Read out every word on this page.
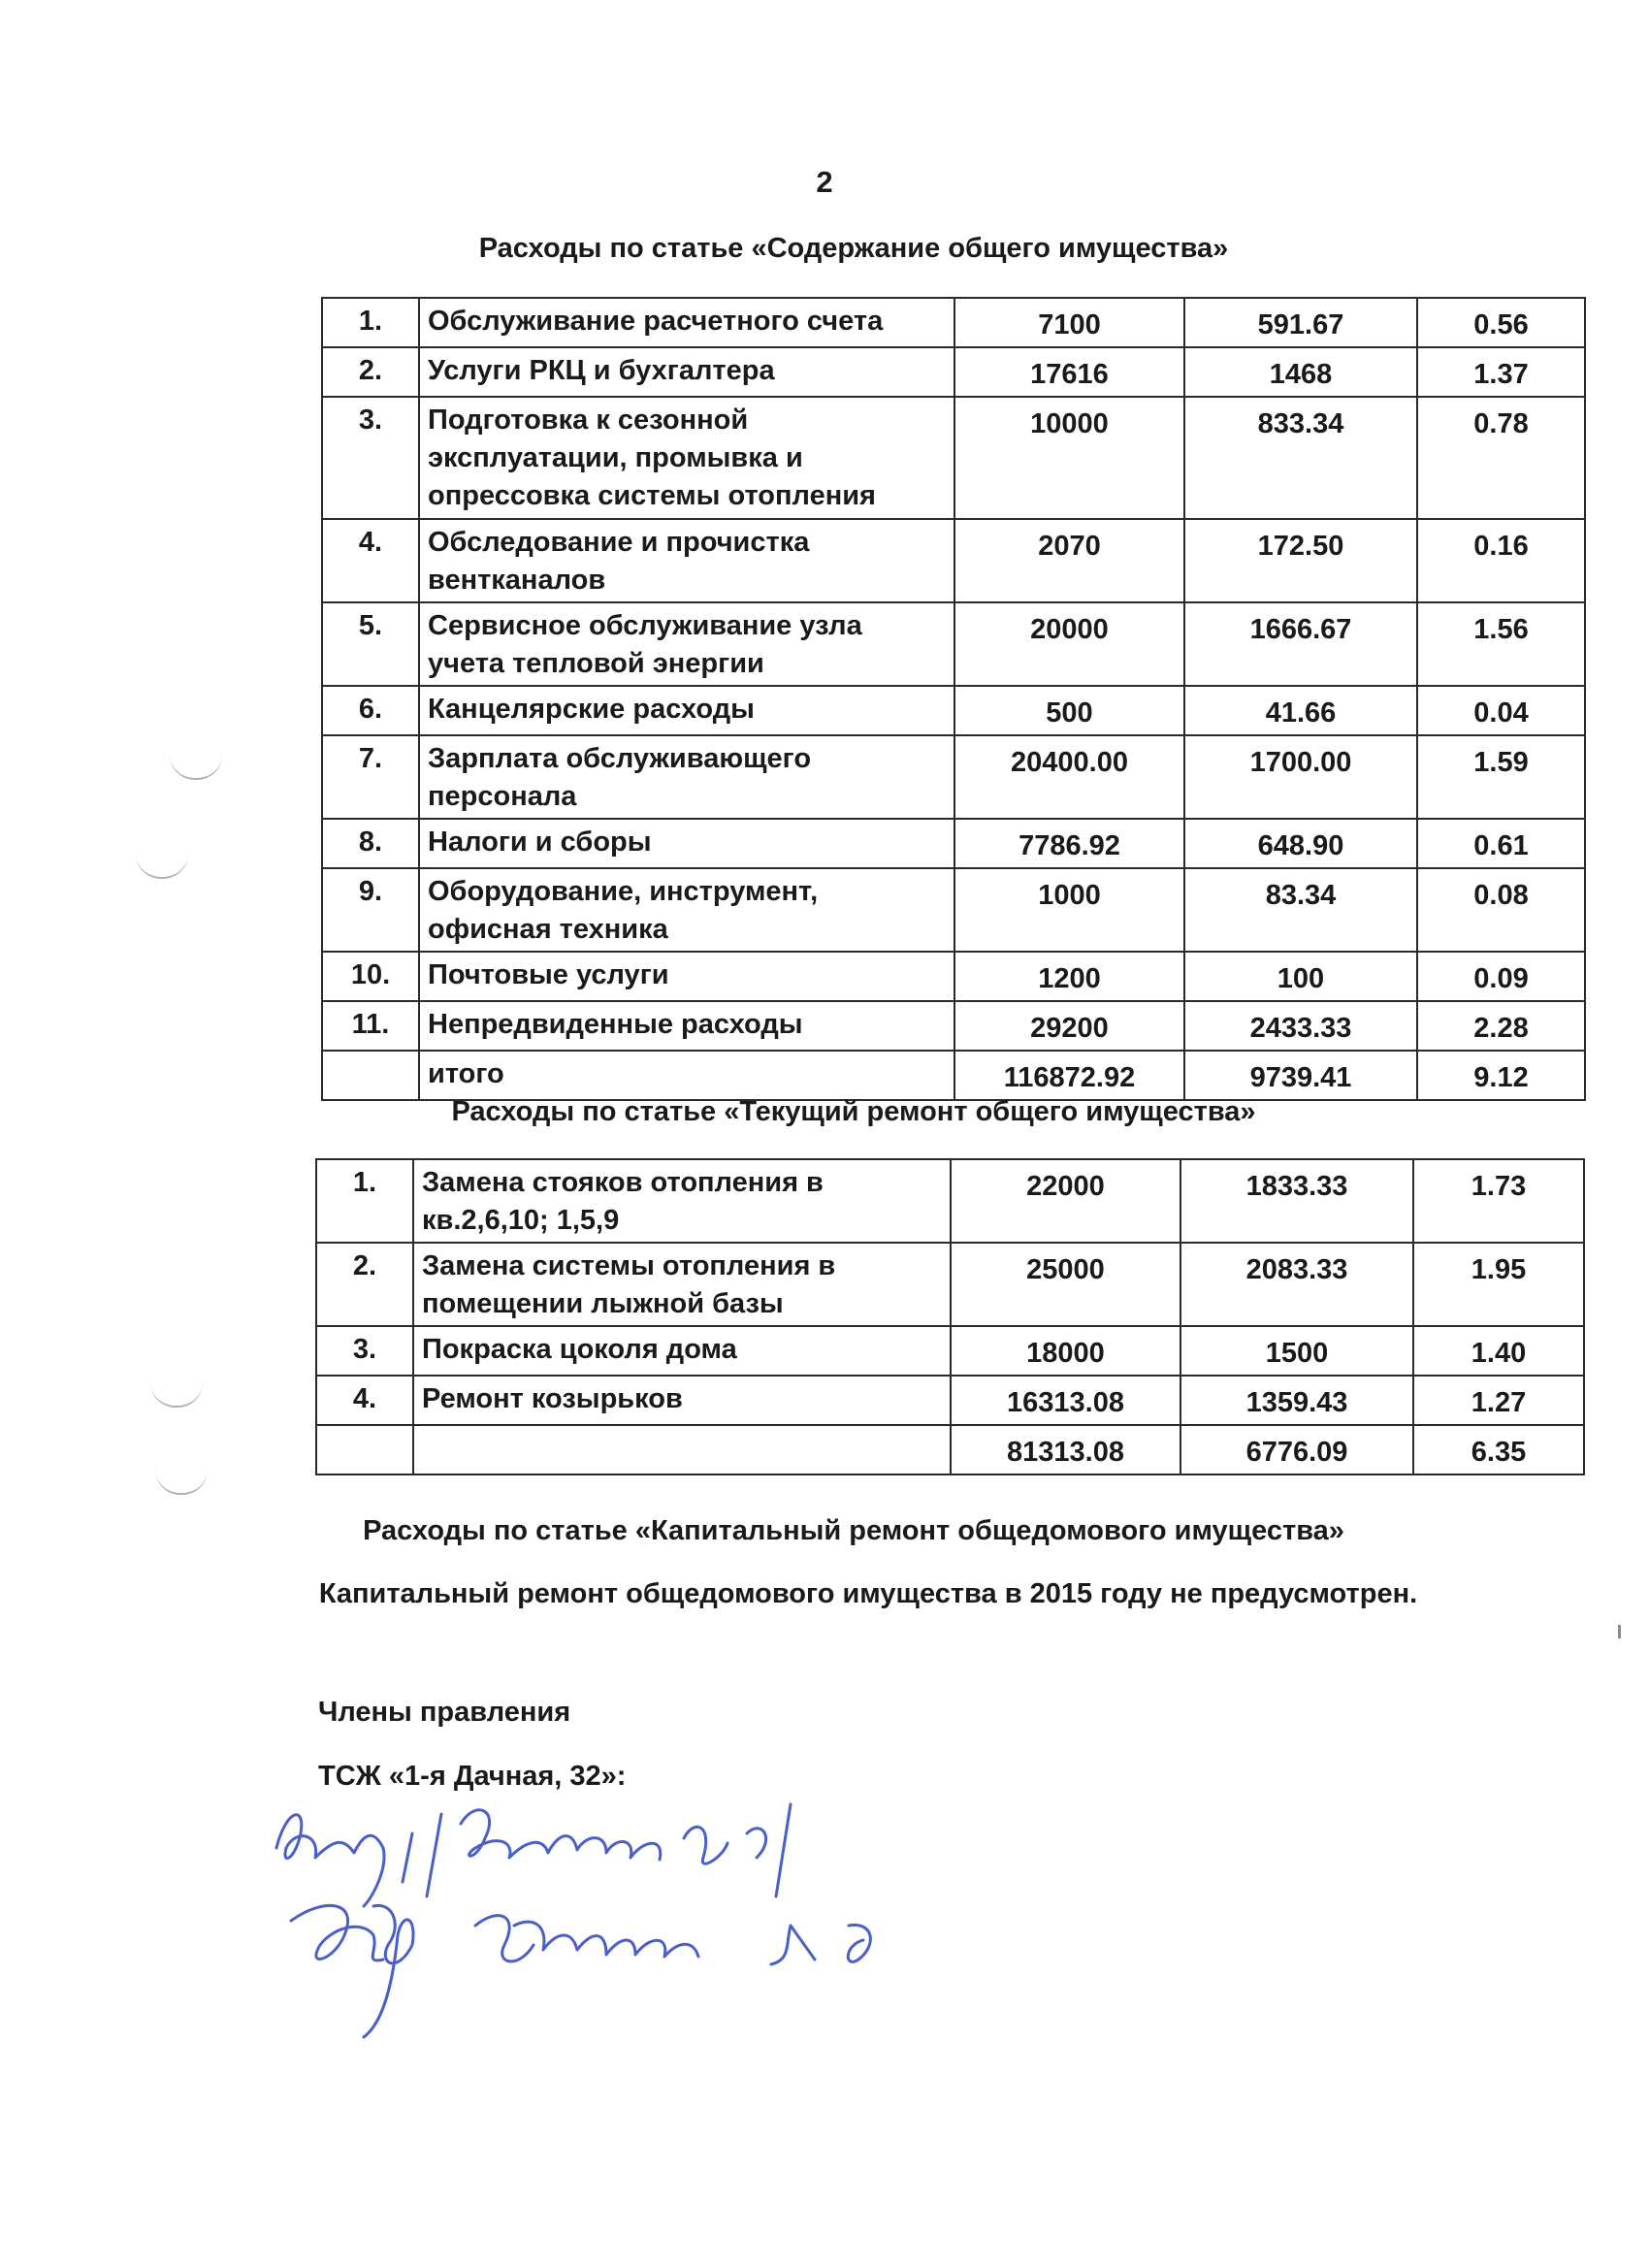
2
Расходы по статье «Содержание общего имущества»
1.	Обслуживание расчетного счета	7100	591.67	0.56
2.	Услуги РКЦ и бухгалтера	17616	1468	1.37
3.	Подготовка к сезонной эксплуатации, промывка и опрессовка системы отопления	10000	833.34	0.78
4.	Обследование и прочистка вентканалов	2070	172.50	0.16
5.	Сервисное обслуживание узла учета тепловой энергии	20000	1666.67	1.56
6.	Канцелярские расходы	500	41.66	0.04
7.	Зарплата обслуживающего персонала	20400.00	1700.00	1.59
8.	Налоги и сборы	7786.92	648.90	0.61
9.	Оборудование, инструмент, офисная техника	1000	83.34	0.08
10.	Почтовые услуги	1200	100	0.09
11.	Непредвиденные расходы	29200	2433.33	2.28
	итого	116872.92	9739.41	9.12
Расходы по статье «Текущий ремонт общего имущества»
1.	Замена стояков отопления в кв.2,6,10; 1,5,9	22000	1833.33	1.73
2.	Замена системы отопления в помещении лыжной базы	25000	2083.33	1.95
3.	Покраска цоколя дома	18000	1500	1.40
4.	Ремонт козырьков	16313.08	1359.43	1.27
		81313.08	6776.09	6.35
Расходы по статье «Капитальный ремонт общедомового имущества»
Капитальный ремонт общедомового имущества в 2015 году не предусмотрен.
Члены правления
ТСЖ «1-я Дачная, 32»:
